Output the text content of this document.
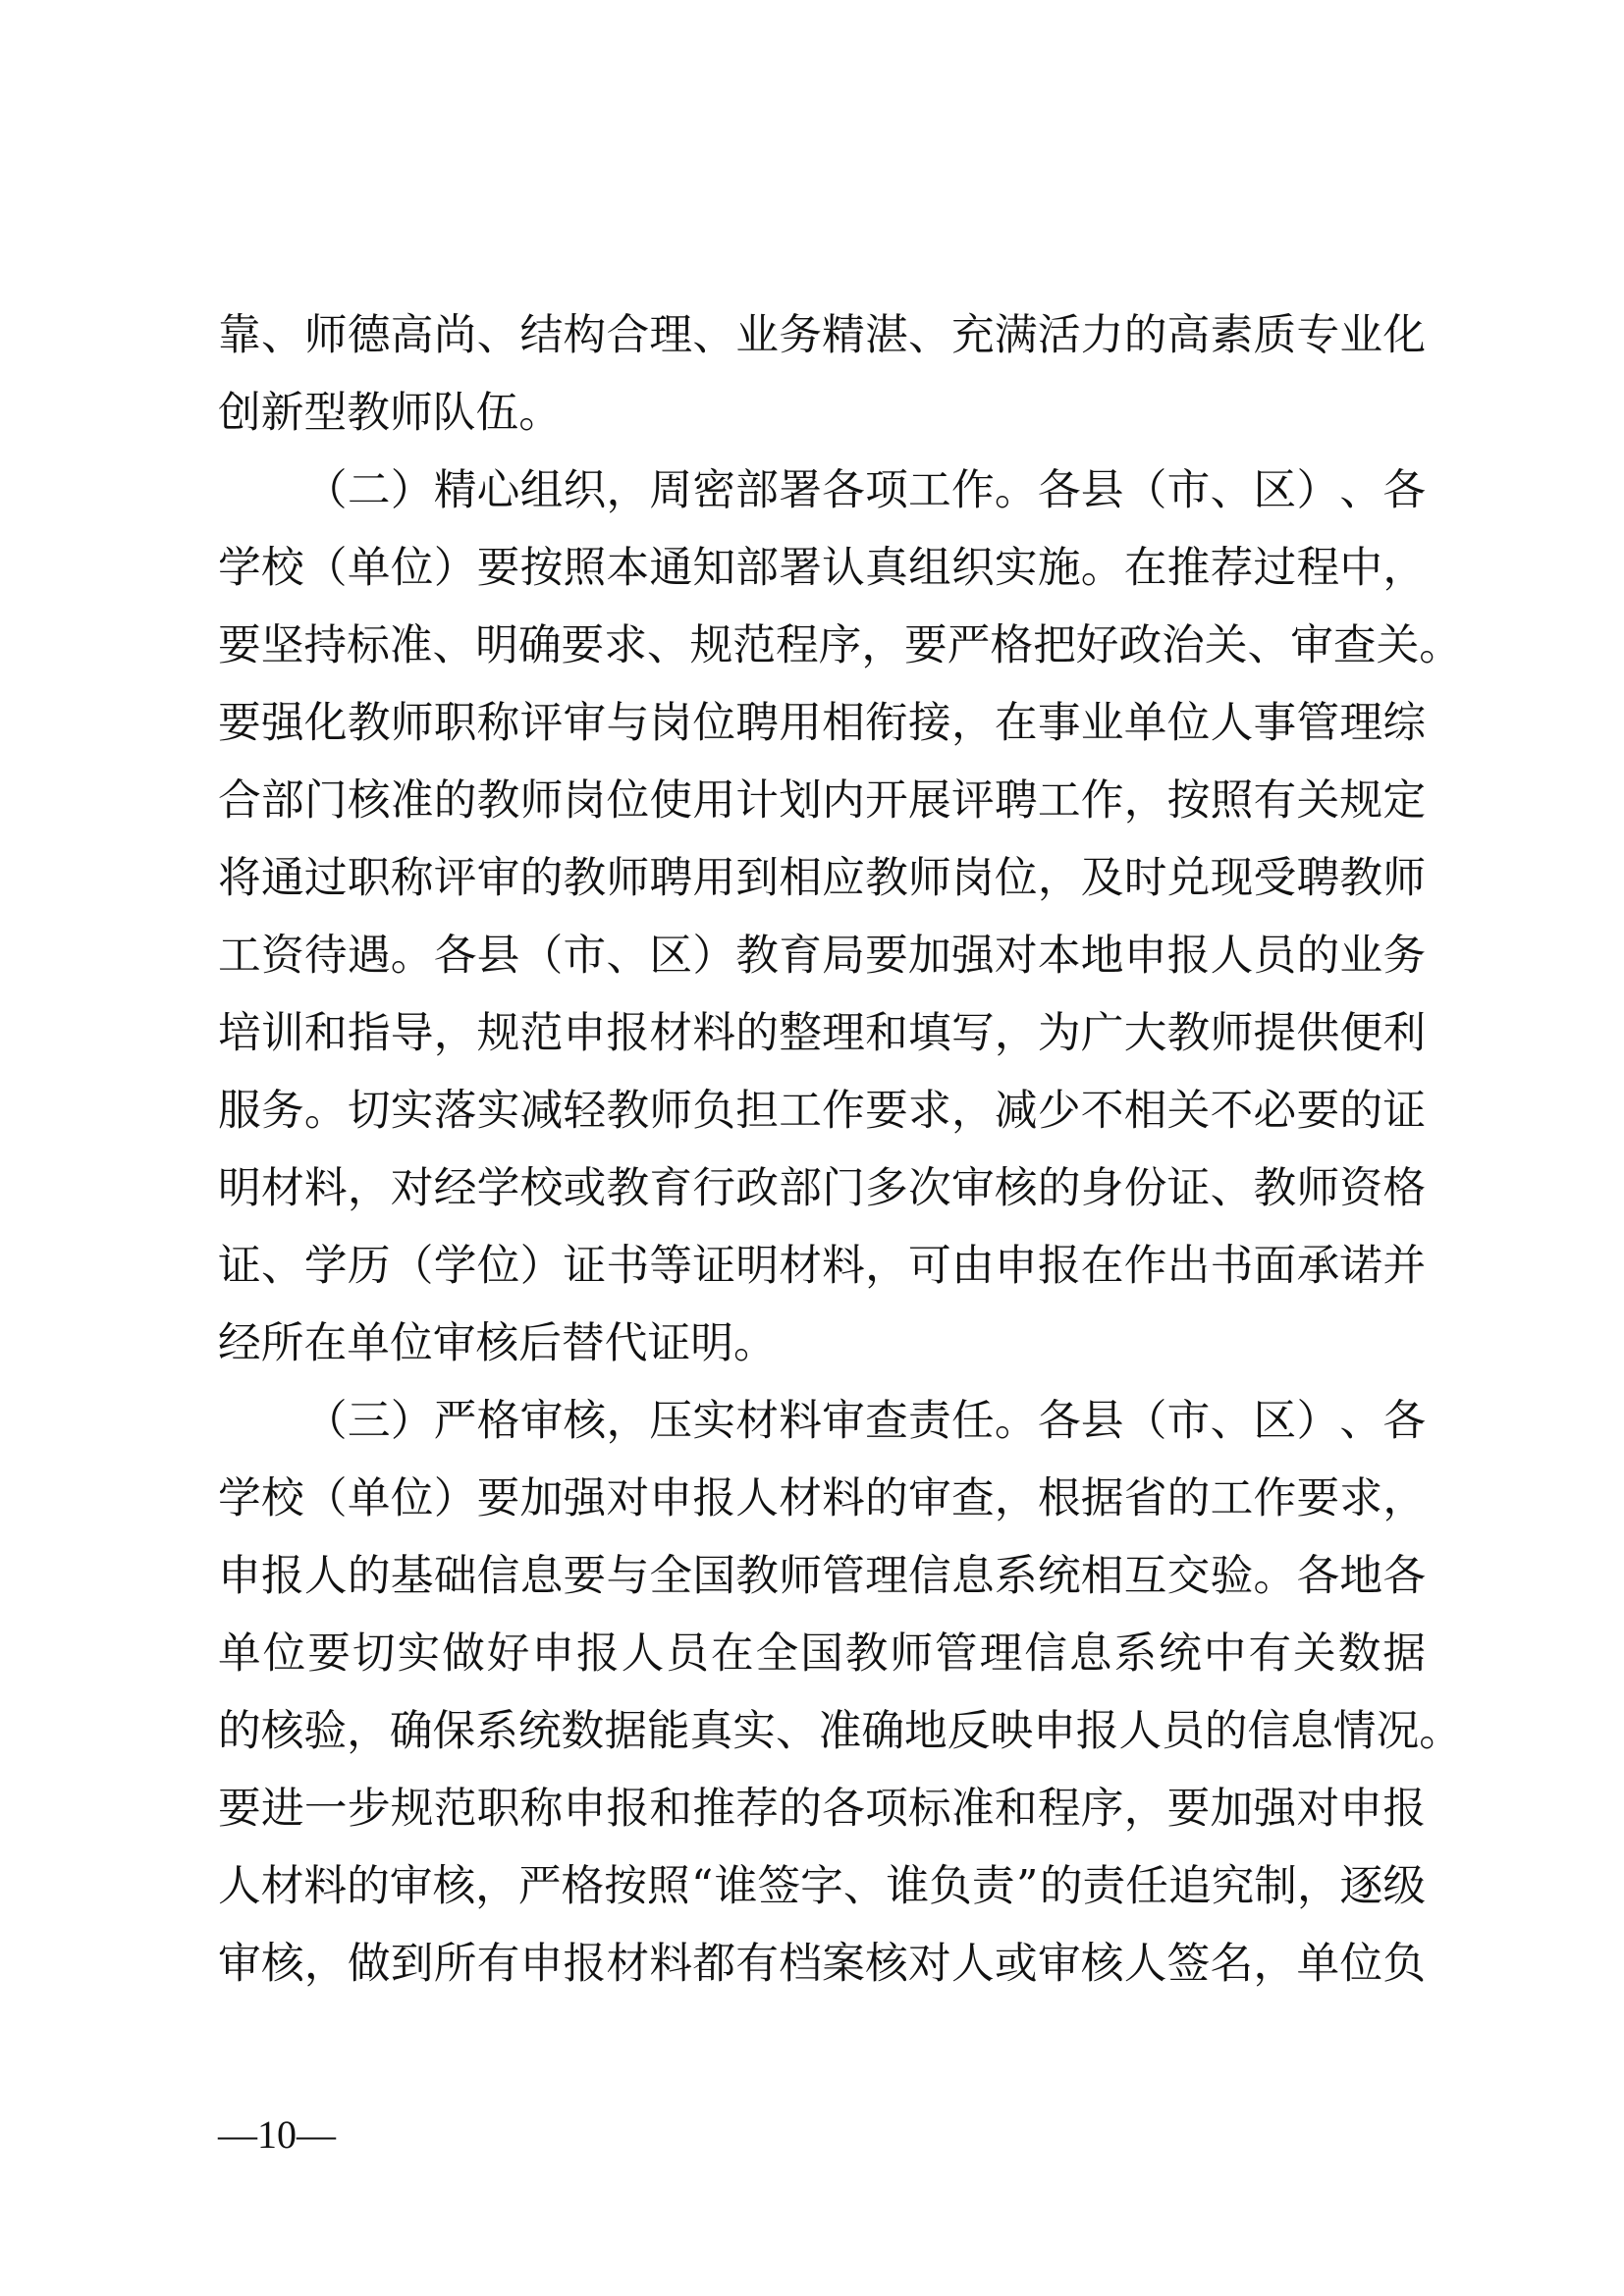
靠 、 师 德 高 尚 、 结 构 合 理 、 业 务 精 湛 、 充 满 活 力 的 高 素 质 专 业 化
创 新 型 教 师 队 伍 。

（ 二 ） 精 心 组 织 ， 周 密 部 署 各 项 工 作 。 各 县 （ 市 、 区 ） 、 各
学 校 （ 单 位 ） 要 按 照 本 通 知 部 署 认 真 组 织 实 施 。 在 推 荐 过 程 中 ，
要 坚 持 标 准 、 明 确 要 求 、 规 范 程 序 ， 要 严 格 把 好 政 治 关 、 审 查 关 。
要 强 化 教 师 职 称 评 审 与 岗 位 聘 用 相 衔 接 ， 在 事 业 单 位 人 事 管 理 综
合 部 门 核 准 的 教 师 岗 位 使 用 计 划 内 开 展 评 聘 工 作 ， 按 照 有 关 规 定
将 通 过 职 称 评 审 的 教 师 聘 用 到 相 应 教 师 岗 位 ， 及 时 兑 现 受 聘 教 师
工 资 待 遇 。 各 县 （ 市 、 区 ） 教 育 局 要 加 强 对 本 地 申 报 人 员 的 业 务
培 训 和 指 导 ， 规 范 申 报 材 料 的 整 理 和 填 写 ， 为 广 大 教 师 提 供 便 利
服 务 。 切 实 落 实 减 轻 教 师 负 担 工 作 要 求 ， 减 少 不 相 关 不 必 要 的 证
明 材 料 ， 对 经 学 校 或 教 育 行 政 部 门 多 次 审 核 的 身 份 证 、 教 师 资 格
证 、 学 历 （ 学 位 ） 证 书 等 证 明 材 料 ， 可 由 申 报 在 作 出 书 面 承 诺 并
经 所 在 单 位 审 核 后 替 代 证 明 。

（ 三 ） 严 格 审 核 ， 压 实 材 料 审 查 责 任 。 各 县 （ 市 、 区 ） 、 各
学 校 （ 单 位 ） 要 加 强 对 申 报 人 材 料 的 审 查 ， 根 据 省 的 工 作 要 求 ，
申 报 人 的 基 础 信 息 要 与 全 国 教 师 管 理 信 息 系 统 相 互 交 验 。 各 地 各
单 位 要 切 实 做 好 申 报 人 员 在 全 国 教 师 管 理 信 息 系 统 中 有 关 数 据
的 核 验 ， 确 保 系 统 数 据 能 真 实 、 准 确 地 反 映 申 报 人 员 的 信 息 情 况 。
要 进 一 步 规 范 职 称 申 报 和 推 荐 的 各 项 标 准 和 程 序 ， 要 加 强 对 申 报
人 材 料 的 审 核 ， 严 格 按 照 “ 谁 签 字 、 谁 负 责 ” 的 责 任 追 究 制 ， 逐 级
审 核 ， 做 到 所 有 申 报 材 料 都 有 档 案 核 对 人 或 审 核 人 签 名 ， 单 位 负
—10—
